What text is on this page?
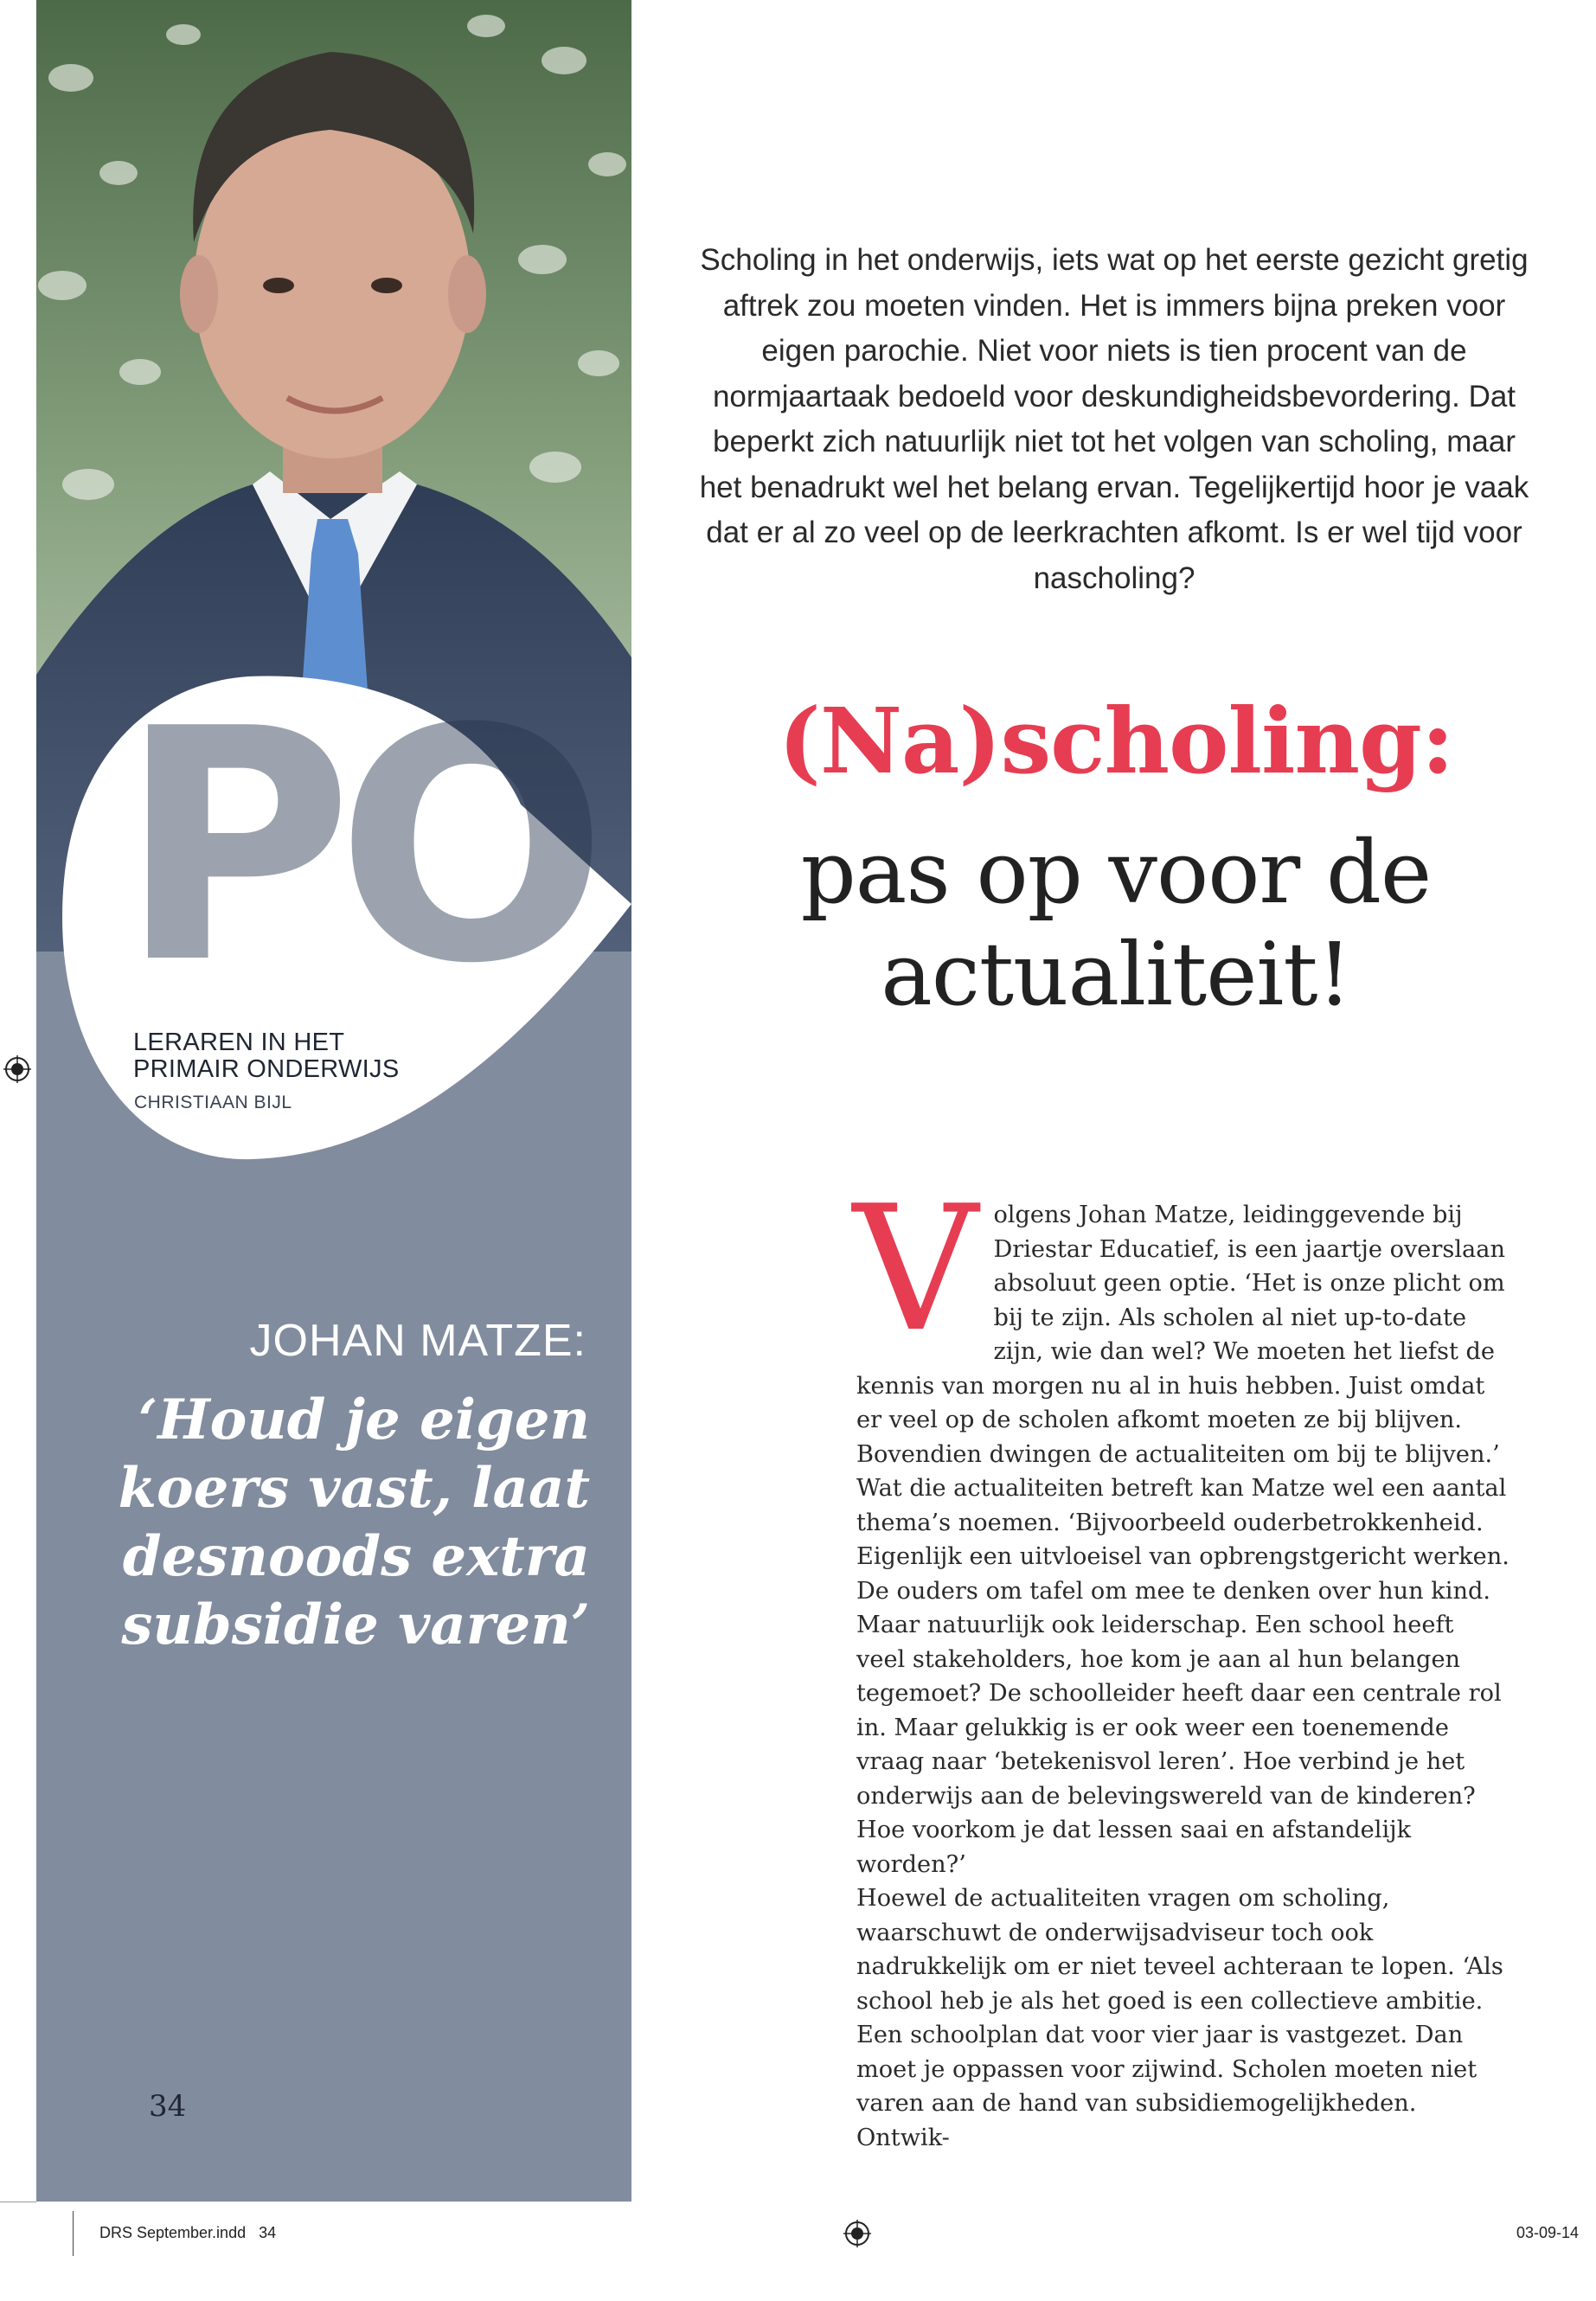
PO
LERAREN IN HET
PRIMAIR ONDERWIJS
CHRISTIAAN BIJL
JOHAN MATZE:
‘Houd je eigen koers vast, laat desnoods extra subsidie varen’
34

Scholing in het onderwijs, iets wat op het eerste gezicht gretig aftrek zou moeten vinden. Het is immers bijna preken voor eigen parochie. Niet voor niets is tien procent van de normjaartaak bedoeld voor deskundigheidsbevordering. Dat beperkt zich natuurlijk niet tot het volgen van scholing, maar het benadrukt wel het belang ervan. Tegelijkertijd hoor je vaak dat er al zo veel op de leerkrachten afkomt. Is er wel tijd voor nascholing?

(Na)scholing:
pas op voor de actualiteit!
V olgens Johan Matze, leidinggevende bij Driestar Educatief, is een jaartje overslaan absoluut geen optie. ‘Het is onze plicht om bij te zijn. Als scholen al niet up-to-date zijn, wie dan wel? We moeten het liefst de kennis van morgen nu al in huis hebben. Juist omdat er veel op de scholen afkomt moeten ze bij blijven. Bovendien dwingen de actualiteiten om bij te blijven.’

Wat die actualiteiten betreft kan Matze wel een aantal thema’s noemen. ‘Bijvoorbeeld ouderbetrokkenheid. Eigenlijk een uitvloeisel van opbrengstgericht werken. De ouders om tafel om mee te denken over hun kind. Maar natuurlijk ook leiderschap. Een school heeft veel stakeholders, hoe kom je aan al hun belangen tegemoet? De schoolleider heeft daar een centrale rol in. Maar gelukkig is er ook weer een toenemende vraag naar ‘betekenisvol leren’. Hoe verbind je het onderwijs aan de belevingswereld van de kinderen? Hoe voorkom je dat lessen saai en afstandelijk worden?’

Hoewel de actualiteiten vragen om scholing, waarschuwt de onderwijsadviseur toch ook nadrukkelijk om er niet teveel achteraan te lopen. ‘Als school heb je als het goed is een collectieve ambitie. Een schoolplan dat voor vier jaar is vastgezet. Dan moet je oppassen voor zijwind. Scholen moeten niet varen aan de hand van subsidiemogelijkheden. Ontwik-

DRS September.indd   34	03-09-14
